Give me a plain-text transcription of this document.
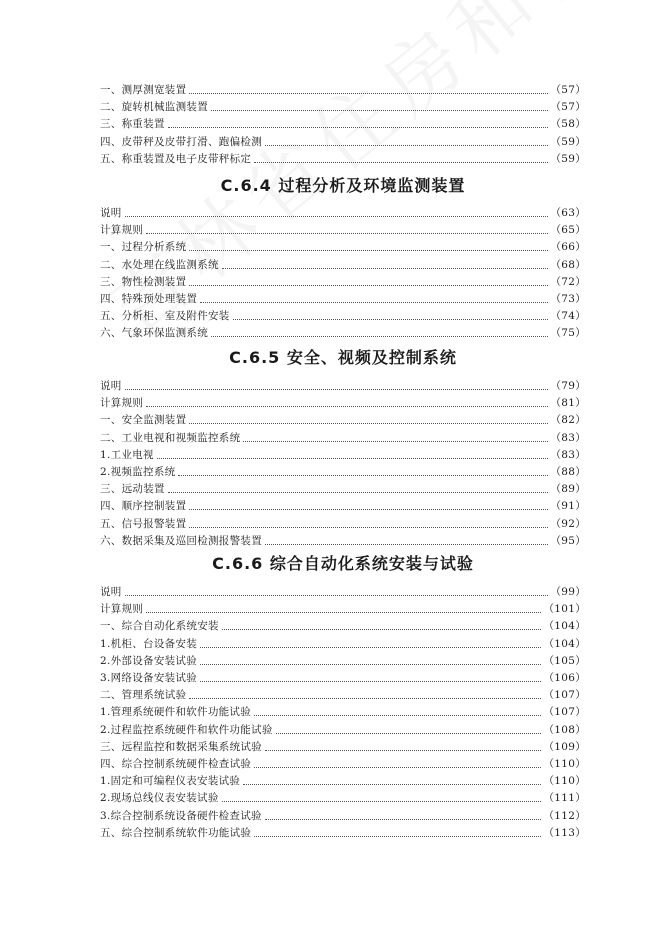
一、测厚测宽装置	（57）
二、旋转机械监测装置	（57）
三、称重装置	（58）
四、皮带秤及皮带打滑、跑偏检测	（59）
五、称重装置及电子皮带秤标定	（59）
C.6.4 过程分析及环境监测装置
说明	（63）
计算规则	（65）
一、过程分析系统	（66）
二、水处理在线监测系统	（68）
三、物性检测装置	（72）
四、特殊预处理装置	（73）
五、分析柜、室及附件安装	（74）
六、气象环保监测系统	（75）
C.6.5 安全、视频及控制系统
说明	（79）
计算规则	（81）
一、安全监测装置	（82）
二、工业电视和视频监控系统	（83）
1.工业电视	（83）
2.视频监控系统	（88）
三、远动装置	（89）
四、顺序控制装置	（91）
五、信号报警装置	（92）
六、数据采集及巡回检测报警装置	（95）
C.6.6 综合自动化系统安装与试验
说明	（99）
计算规则	（101）
一、综合自动化系统安装	（104）
1.机柜、台设备安装	（104）
2.外部设备安装试验	（105）
3.网络设备安装试验	（106）
二、管理系统试验	（107）
1.管理系统硬件和软件功能试验	（107）
2.过程监控系统硬件和软件功能试验	（108）
三、远程监控和数据采集系统试验	（109）
四、综合控制系统硬件检查试验	（110）
1.固定和可编程仪表安装试验	（110）
2.现场总线仪表安装试验	（111）
3.综合控制系统设备硬件检查试验	（112）
五、综合控制系统软件功能试验	（113）
